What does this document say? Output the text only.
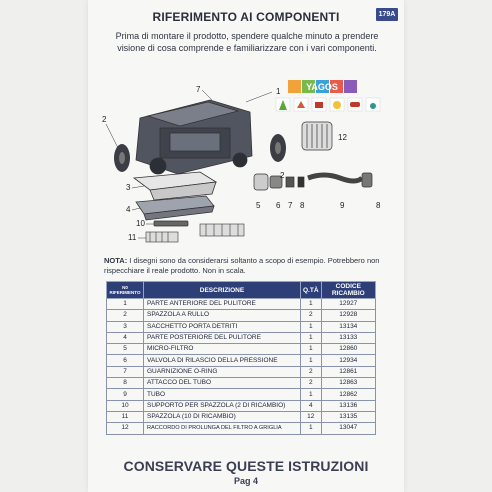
RIFERIMENTO AI COMPONENTI	179A
Prima di montare il prodotto, spendere qualche minuto a prendere visione di cosa comprende e familiarizzare con i vari componenti.
1
2
2
3
4	5 6 7
7
8	8
9
10
11
12
YAGOS
NOTA: I disegni sono da considerarsi soltanto a scopo di esempio. Potrebbero non rispecchiare il reale prodotto. Non in scala.
N0 RIFERIMENTO	DESCRIZIONE	Q.TÀ	CODICE RICAMBIO
1	PARTE ANTERIORE DEL PULITORE	1	12927
2	SPAZZOLA A RULLO	2	12928
3	SACCHETTO PORTA DETRITI	1	13134
4	PARTE POSTERIORE DEL PULITORE	1	13133
5	MICRO-FILTRO	1	12860
6	VALVOLA DI RILASCIO DELLA PRESSIONE	1	12934
7	GUARNIZIONE O-RING	2	12861
8	ATTACCO DEL TUBO	2	12863
9	TUBO	1	12862
10	SUPPORTO PER SPAZZOLA (2 DI RICAMBIO)	4	13136
11	SPAZZOLA (10 DI RICAMBIO)	12	13135
12	RACCORDO DI PROLUNGA DEL FILTRO A GRIGLIA	1	13047
CONSERVARE QUESTE ISTRUZIONI
Pag 4
